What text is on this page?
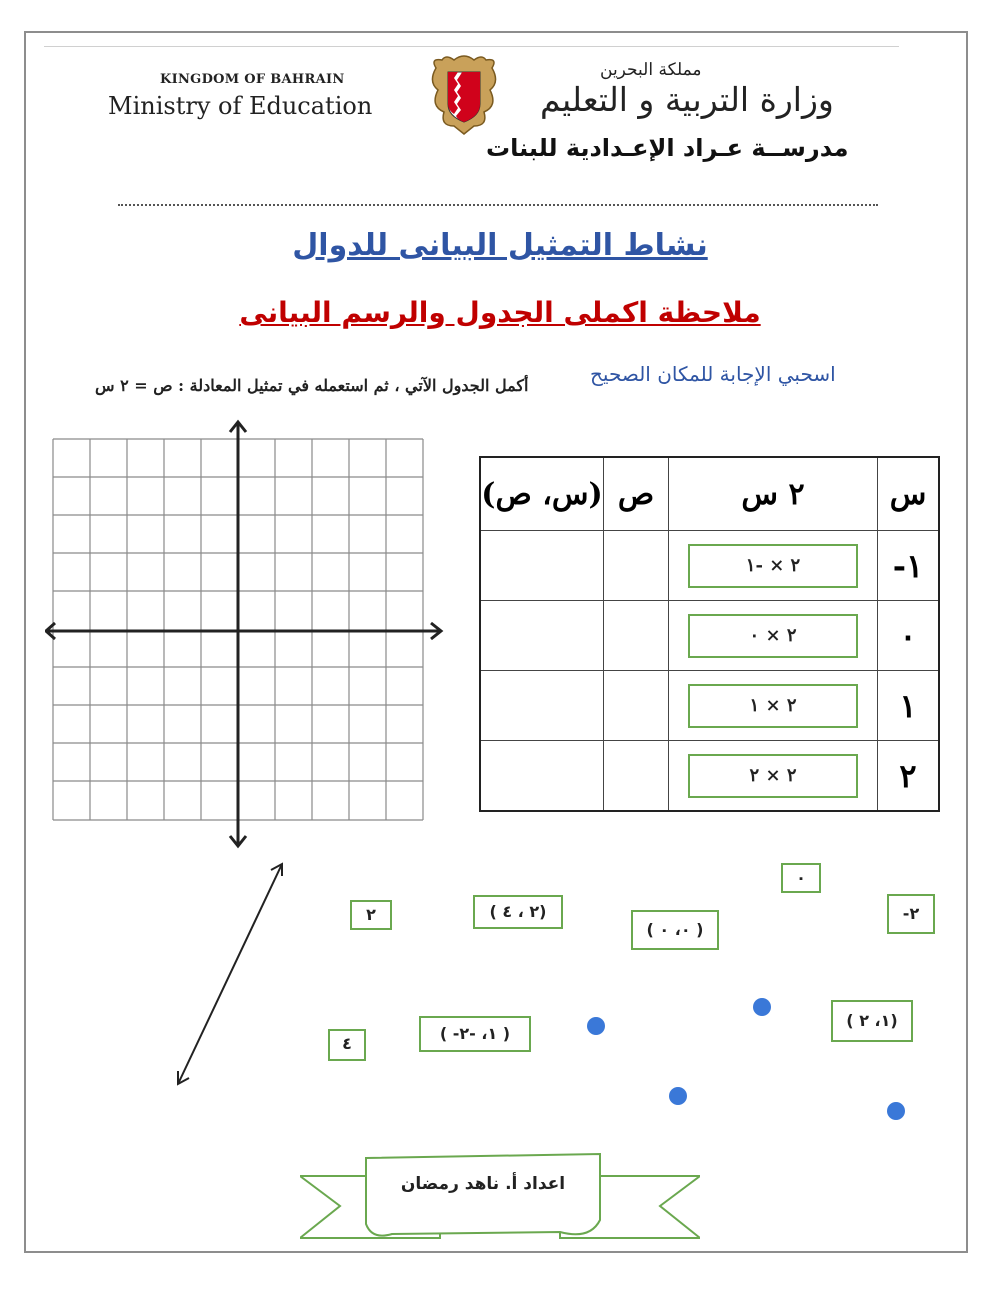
KINGDOM OF BAHRAIN
Ministry of Education
مملكة البحرين
وزارة التربية و التعليم
مدرســة عـراد الإعـدادية للبنات
نشاط التمثيل البيانى للدوال
ملاحظة اكملى الجدول والرسم البيانى
اسحبي الإجابة للمكان الصحيح
أكمل الجدول الآتي ، ثم استعمله في تمثيل المعادلة : ص = ٢ س
(س، ص)	ص	٢ س	س
		٢ × -١	-١
		٢ × ٠	٠
		٢ × ١	١
		٢ × ٢	٢
٠
٢	( ٢ ، ٤)
( ٠، ٠ )
-٢
( ١، ٢)
٤
( -١، -٢ )
اعداد أ. ناهد رمضان
